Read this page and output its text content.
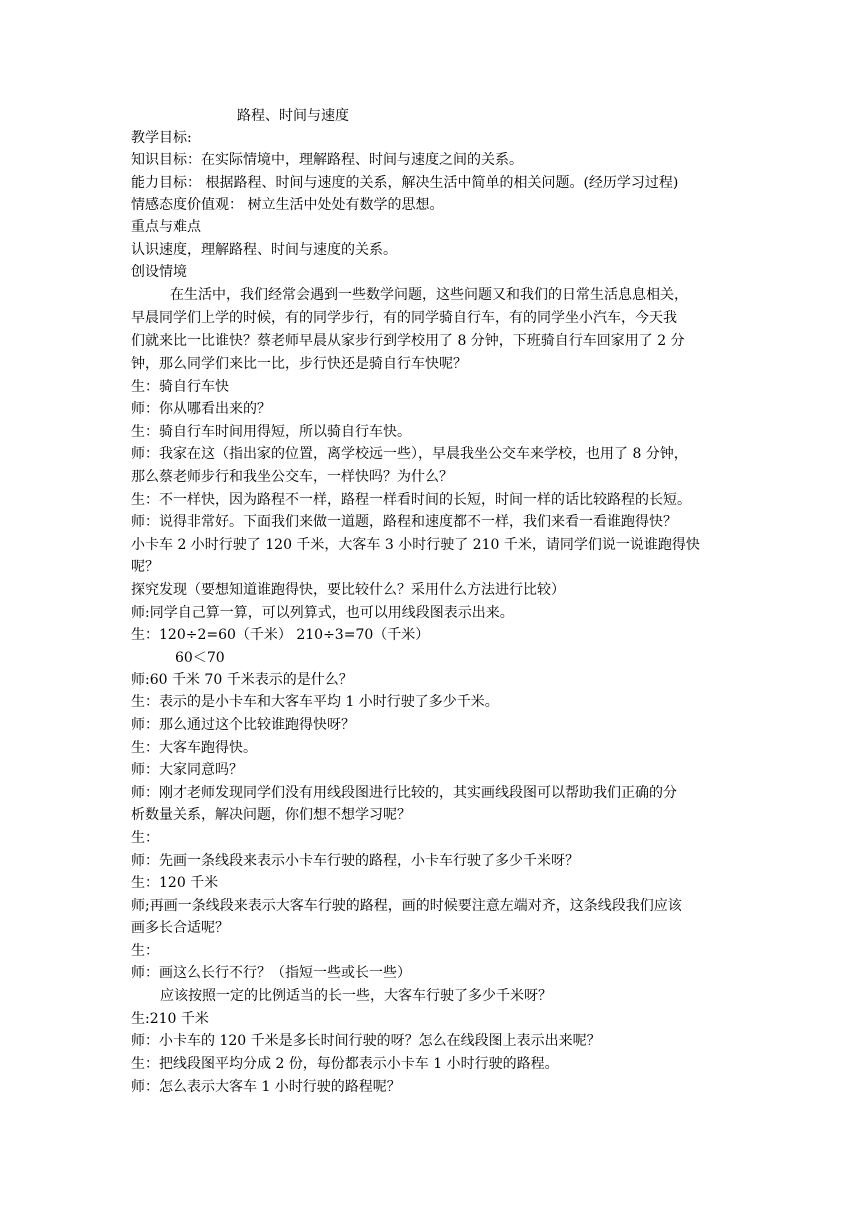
路程、时间与速度
教学目标:
知识目标：在实际情境中，理解路程、时间与速度之间的关系。
能力目标： 根据路程、时间与速度的关系，解决生活中简单的相关问题。(经历学习过程)
情感态度价值观： 树立生活中处处有数学的思想。
重点与难点
认识速度，理解路程、时间与速度的关系。
创设情境
在生活中，我们经常会遇到一些数学问题，这些问题又和我们的日常生活息息相关，
早晨同学们上学的时候，有的同学步行，有的同学骑自行车，有的同学坐小汽车，今天我
们就来比一比谁快？蔡老师早晨从家步行到学校用了 8 分钟，下班骑自行车回家用了 2 分
钟，那么同学们来比一比，步行快还是骑自行车快呢？
生：骑自行车快
师：你从哪看出来的？
生：骑自行车时间用得短，所以骑自行车快。
师：我家在这（指出家的位置，离学校远一些），早晨我坐公交车来学校，也用了 8 分钟，
那么蔡老师步行和我坐公交车，一样快吗？为什么？
生：不一样快，因为路程不一样，路程一样看时间的长短，时间一样的话比较路程的长短。
师：说得非常好。下面我们来做一道题，路程和速度都不一样，我们来看一看谁跑得快？
小卡车 2 小时行驶了 120 千米，大客车 3 小时行驶了 210 千米，请同学们说一说谁跑得快
呢？
探究发现（要想知道谁跑得快，要比较什么？采用什么方法进行比较）
师:同学自己算一算，可以列算式，也可以用线段图表示出来。
生：120÷2=60（千米） 210÷3=70（千米）
60＜70
师:60 千米 70 千米表示的是什么？
生：表示的是小卡车和大客车平均 1 小时行驶了多少千米。
师：那么通过这个比较谁跑得快呀？
生：大客车跑得快。
师：大家同意吗？
师：刚才老师发现同学们没有用线段图进行比较的，其实画线段图可以帮助我们正确的分
析数量关系，解决问题，你们想不想学习呢？
生：
师：先画一条线段来表示小卡车行驶的路程，小卡车行驶了多少千米呀？
生：120 千米
师;再画一条线段来表示大客车行驶的路程，画的时候要注意左端对齐，这条线段我们应该
画多长合适呢？
生：
师：画这么长行不行？（指短一些或长一些）
应该按照一定的比例适当的长一些，大客车行驶了多少千米呀？
生:210 千米
师：小卡车的 120 千米是多长时间行驶的呀？怎么在线段图上表示出来呢？
生：把线段图平均分成 2 份，每份都表示小卡车 1 小时行驶的路程。
师：怎么表示大客车 1 小时行驶的路程呢？
